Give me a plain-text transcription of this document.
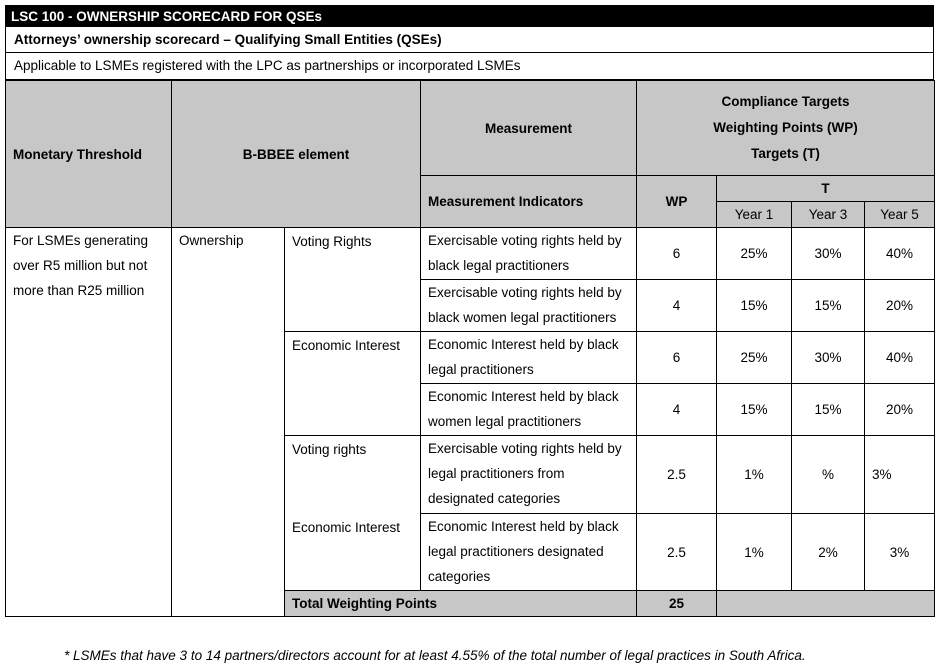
LSC 100 - OWNERSHIP SCORECARD FOR QSEs
Attorneys’ ownership scorecard – Qualifying Small Entities (QSEs)
Applicable to LSMEs registered with the LPC as partnerships or incorporated LSMEs
Monetary Threshold	B-BBEE element		Measurement	Compliance Targets
Weighting Points (WP)
Targets (T)			

			Measurement Indicators	WP	T		
					Year 1	Year 3	Year 5
For LSMEs generating over R5 million but not more than R25 million	Ownership	Voting Rights	Exercisable voting rights held by black legal practitioners	6	25%	30%	40%
			Exercisable voting rights held by black women legal practitioners	4	15%	15%	20%
		Economic Interest	Economic Interest held by black legal practitioners	6	25%	30%	40%
			Economic Interest held by black women legal practitioners	4	15%	15%	20%
		Voting rights	Exercisable voting rights held by legal practitioners from designated categories	2.5	1%	%	3%
		Economic Interest	Economic Interest held by black legal practitioners designated categories	2.5	1%	2%	3%
		Total Weighting Points		25			
* LSMEs that have 3 to 14 partners/directors account for at least 4.55% of the total number of legal practices in South Africa.
